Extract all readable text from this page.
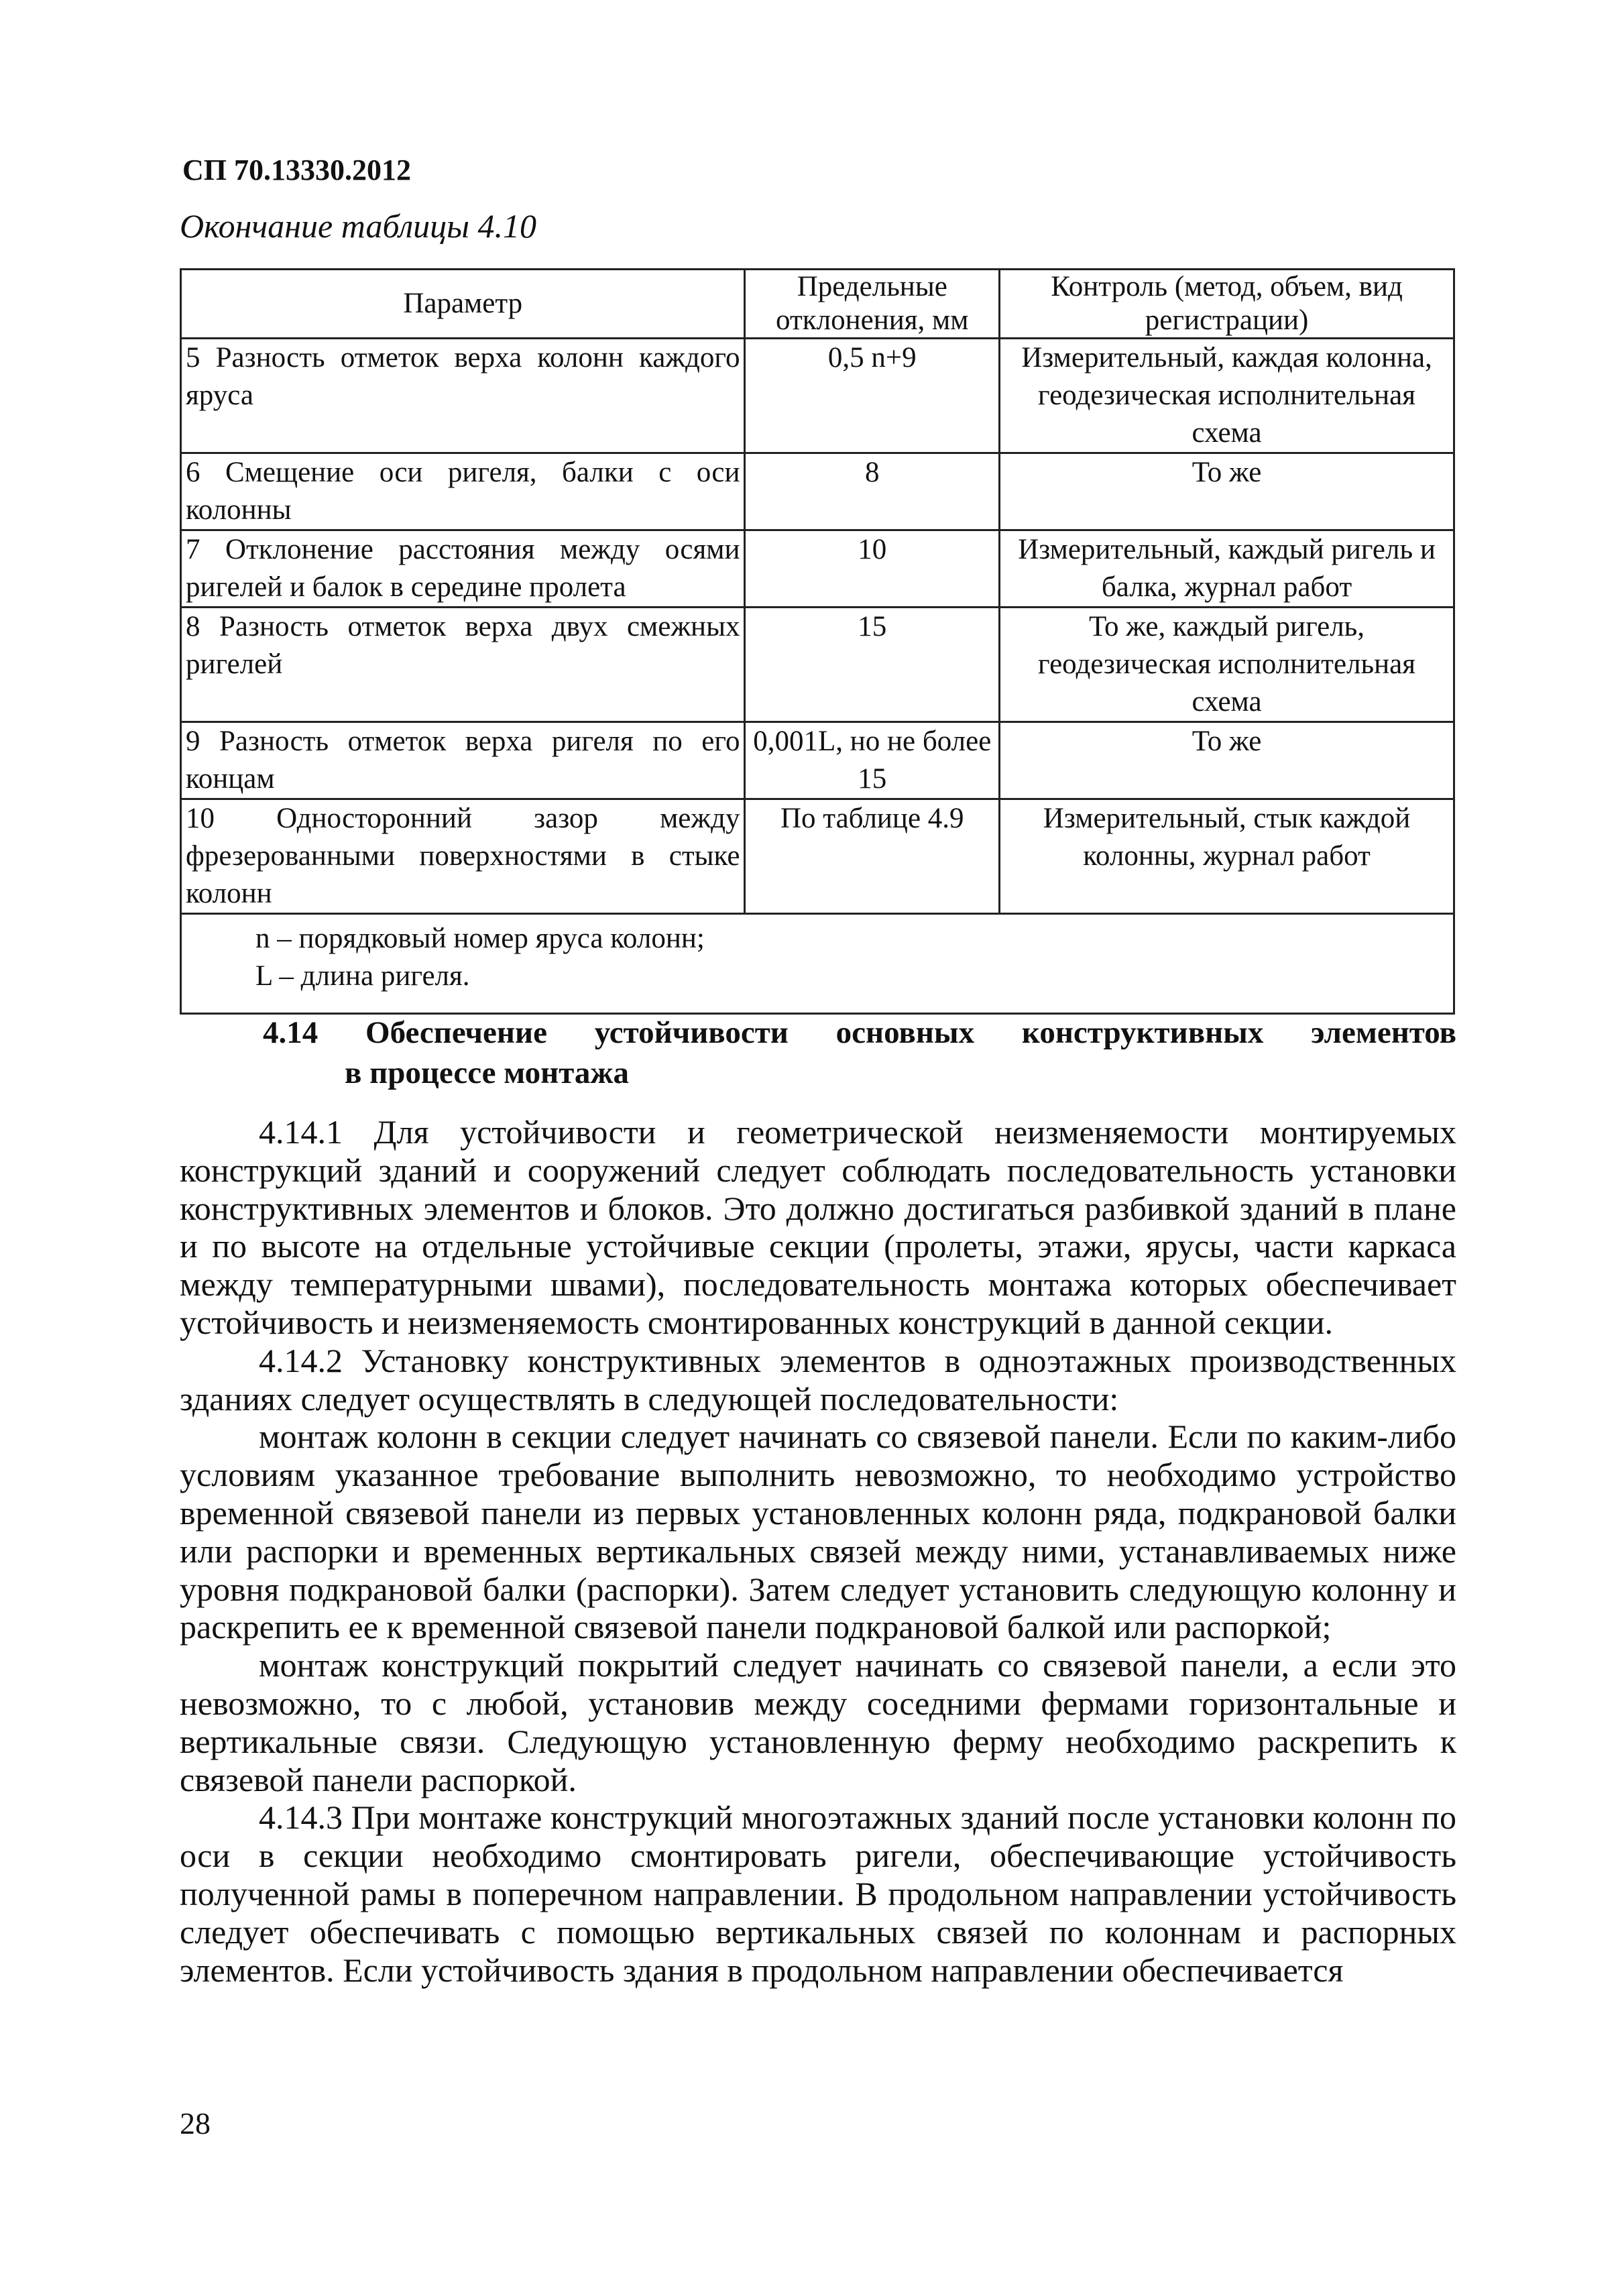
СП 70.13330.2012
Окончание таблицы 4.10
Параметр	Предельные отклонения, мм	Контроль (метод, объем, вид регистрации)
5 Разность отметок верха колонн каждого яруса	0,5 n+9	Измерительный, каждая колонна, геодезическая исполнительная схема
6 Смещение оси ригеля, балки с оси колонны	8	То же
7 Отклонение расстояния между осями ригелей и балок в середине пролета	10	Измерительный, каждый ригель и балка, журнал работ
8 Разность отметок верха двух смежных ригелей	15	То же, каждый ригель, геодезическая исполнительная схема
9 Разность отметок верха ригеля по его концам	0,001L, но не более 15	То же
10 Односторонний зазор между фрезерованными поверхностями в стыке колонн	По таблице 4.9	Измерительный, стык каждой колонны, журнал работ

n – порядковый номер яруса колонн;
L – длина ригеля.		
4.14 Обеспечение устойчивости основных конструктивных элементов
в процессе монтажа

4.14.1 Для устойчивости и геометрической неизменяемости монтируемых конструкций зданий и сооружений следует соблюдать последовательность установки конструктивных элементов и блоков. Это должно достигаться разбивкой зданий в плане и по высоте на отдельные устойчивые секции (пролеты, этажи, ярусы, части каркаса между температурными швами), последовательность монтажа которых обеспечивает устойчивость и неизменяемость смонтированных конструкций в данной секции.

4.14.2 Установку конструктивных элементов в одноэтажных производственных зданиях следует осуществлять в следующей последовательности:

монтаж колонн в секции следует начинать со связевой панели. Если по каким-либо условиям указанное требование выполнить невозможно, то необходимо устройство временной связевой панели из первых установленных колонн ряда, подкрановой балки или распорки и временных вертикальных связей между ними, устанавливаемых ниже уровня подкрановой балки (распорки). Затем следует установить следующую колонну и раскрепить ее к временной связевой панели подкрановой балкой или распоркой;

монтаж конструкций покрытий следует начинать со связевой панели, а если это невозможно, то с любой, установив между соседними фермами горизонтальные и вертикальные связи. Следующую установленную ферму необходимо раскрепить к связевой панели распоркой.

4.14.3 При монтаже конструкций многоэтажных зданий после установки колонн по оси в секции необходимо смонтировать ригели, обеспечивающие устойчивость полученной рамы в поперечном направлении. В продольном направлении устойчивость следует обеспечивать с помощью вертикальных связей по колоннам и распорных элементов. Если устойчивость здания в продольном направлении обеспечивается

28
